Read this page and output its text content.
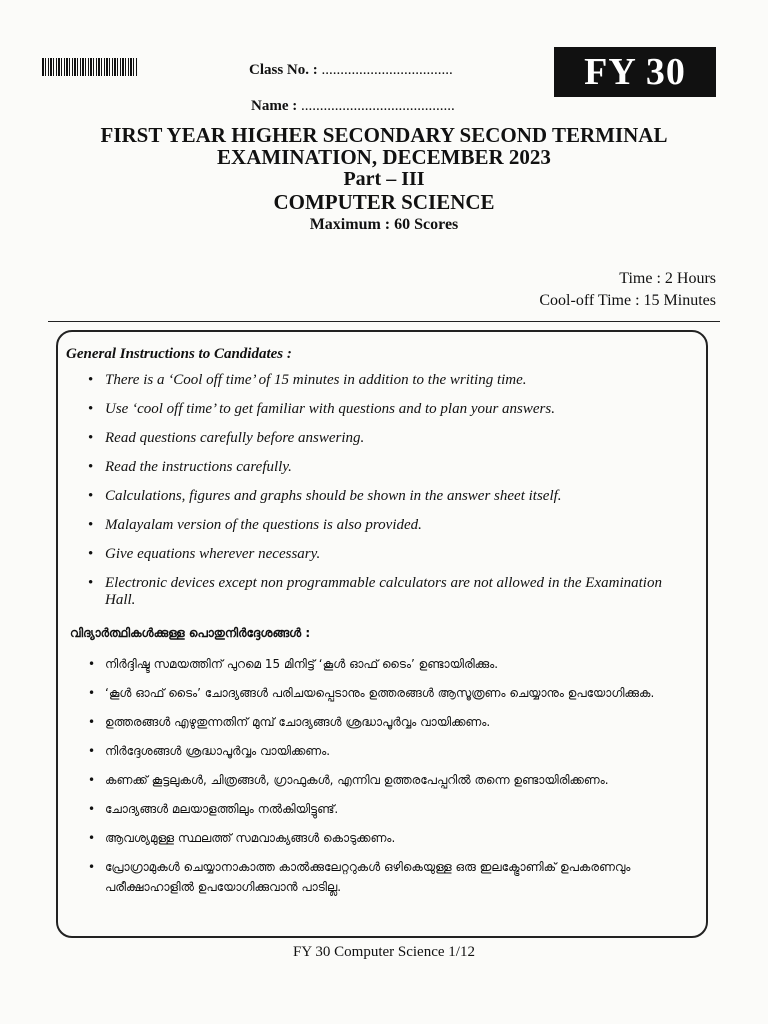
Class No. : ...................................
Name : .........................................
FY 30
FIRST YEAR HIGHER SECONDARY SECOND TERMINAL
EXAMINATION, DECEMBER 2023
Part – III
COMPUTER SCIENCE
Maximum : 60 Scores
Time : 2 Hours
Cool-off Time : 15 Minutes
General Instructions to Candidates :
• There is a ‘Cool off time’ of 15 minutes in addition to the writing time.
• Use ‘cool off time’ to get familiar with questions and to plan your answers.
• Read questions carefully before answering.
• Read the instructions carefully.
• Calculations, figures and graphs should be shown in the answer sheet itself.
• Malayalam version of the questions is also provided.
• Give equations wherever necessary.
• Electronic devices except non programmable calculators are not allowed in the Examination Hall.
വിദ്യാർത്ഥികൾക്കുള്ള പൊതുനിർദ്ദേശങ്ങൾ :
• നിർദ്ദിഷ്ട സമയത്തിന് പുറമെ 15 മിനിട്ട് ‘കൂൾ ഓഫ് ടൈം’ ഉണ്ടായിരിക്കും.
• ‘കൂൾ ഓഫ് ടൈം’ ചോദ്യങ്ങൾ പരിചയപ്പെടാനും ഉത്തരങ്ങൾ ആസൂത്രണം ചെയ്യാനും ഉപയോഗിക്കുക.
• ഉത്തരങ്ങൾ എഴുതുന്നതിന് മുമ്പ് ചോദ്യങ്ങൾ ശ്രദ്ധാപൂർവ്വം വായിക്കണം.
• നിർദ്ദേശങ്ങൾ ശ്രദ്ധാപൂർവ്വം വായിക്കണം.
• കണക്ക് കൂട്ടലുകൾ, ചിത്രങ്ങൾ, ഗ്രാഫുകൾ, എന്നിവ ഉത്തരപേപ്പറിൽ തന്നെ ഉണ്ടായിരിക്കണം.
• ചോദ്യങ്ങൾ മലയാളത്തിലും നൽകിയിട്ടുണ്ട്.
• ആവശ്യമുള്ള സ്ഥലത്ത് സമവാക്യങ്ങൾ കൊടുക്കണം.
• പ്രോഗ്രാമുകൾ ചെയ്യാനാകാത്ത കാൽക്കുലേറ്ററുകൾ ഒഴികെയുള്ള ഒരു ഇലക്ട്രോണിക് ഉപകരണവും പരീക്ഷാഹാളിൽ ഉപയോഗിക്കുവാൻ പാടില്ല.
FY 30 Computer Science 1/12
